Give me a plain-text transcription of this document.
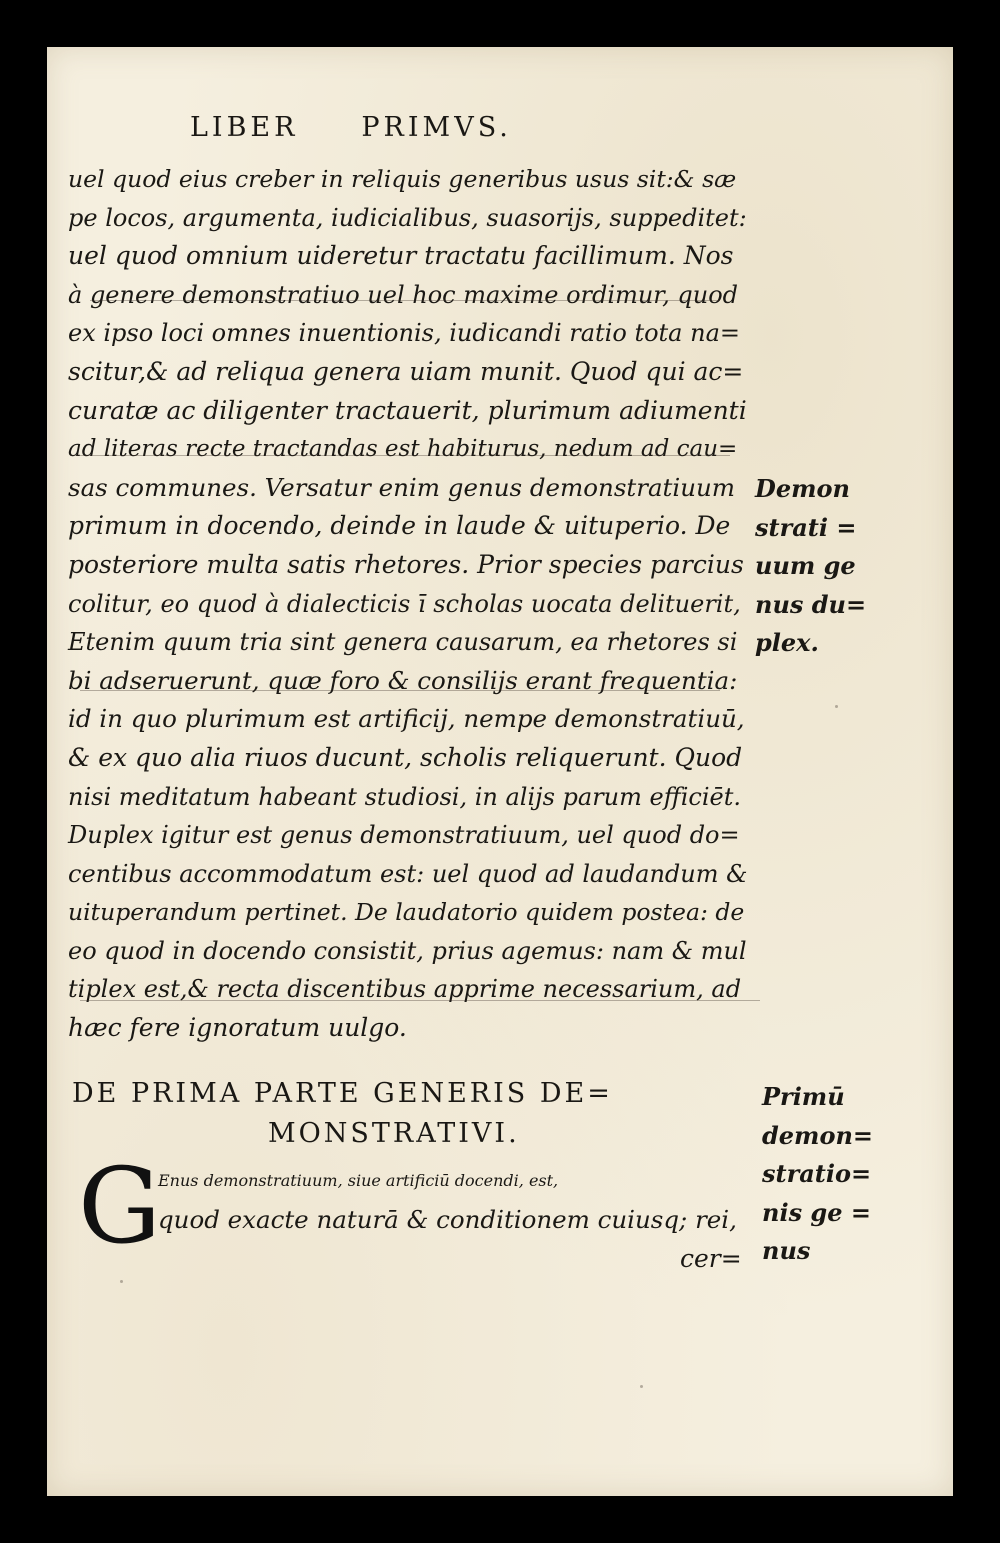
LIBER     PRIMVS.
uel quod eius creber in reliquis generibus usus sit:& sæ
pe locos, argumenta, iudicialibus, suasorijs, suppeditet:
uel quod omnium uideretur tractatu facillimum. Nos
à genere demonstratiuo uel hoc maxime ordimur, quod
ex ipso loci omnes inuentionis, iudicandi ratio tota na=
scitur,& ad reliqua genera uiam munit. Quod qui ac=
curatæ ac diligenter tractauerit, plurimum adiumenti
ad literas recte tractandas est habiturus, nedum ad cau=
sas communes. Versatur enim genus demonstratiuum
primum in docendo, deinde in laude & uituperio. De
posteriore multa satis rhetores. Prior species parcius
colitur, eo quod à dialecticis ī scholas uocata delituerit,
Etenim quum tria sint genera causarum, ea rhetores si
bi adseruerunt, quæ foro & consilijs erant frequentia:
id in quo plurimum est artificij, nempe demonstratiuū,
& ex quo alia riuos ducunt, scholis reliquerunt. Quod
nisi meditatum habeant studiosi, in alijs parum efficiēt.
Duplex igitur est genus demonstratiuum, uel quod do=
centibus accommodatum est: uel quod ad laudandum &
uituperandum pertinet. De laudatorio quidem postea: de
eo quod in docendo consistit, prius agemus: nam & mul
tiplex est,& recta discentibus apprime necessarium, ad
hæc fere ignoratum uulgo.
Demon
strati =
uum ge
nus du=
plex.
DE PRIMA PARTE GENERIS DE=
MONSTRATIVI.
G
Enus demonstratiuum, siue artificiū docendi, est,
quod exacte naturā & conditionem cuiusq; rei,
cer=
Primū
demon=
stratio=
nis ge =
nus
